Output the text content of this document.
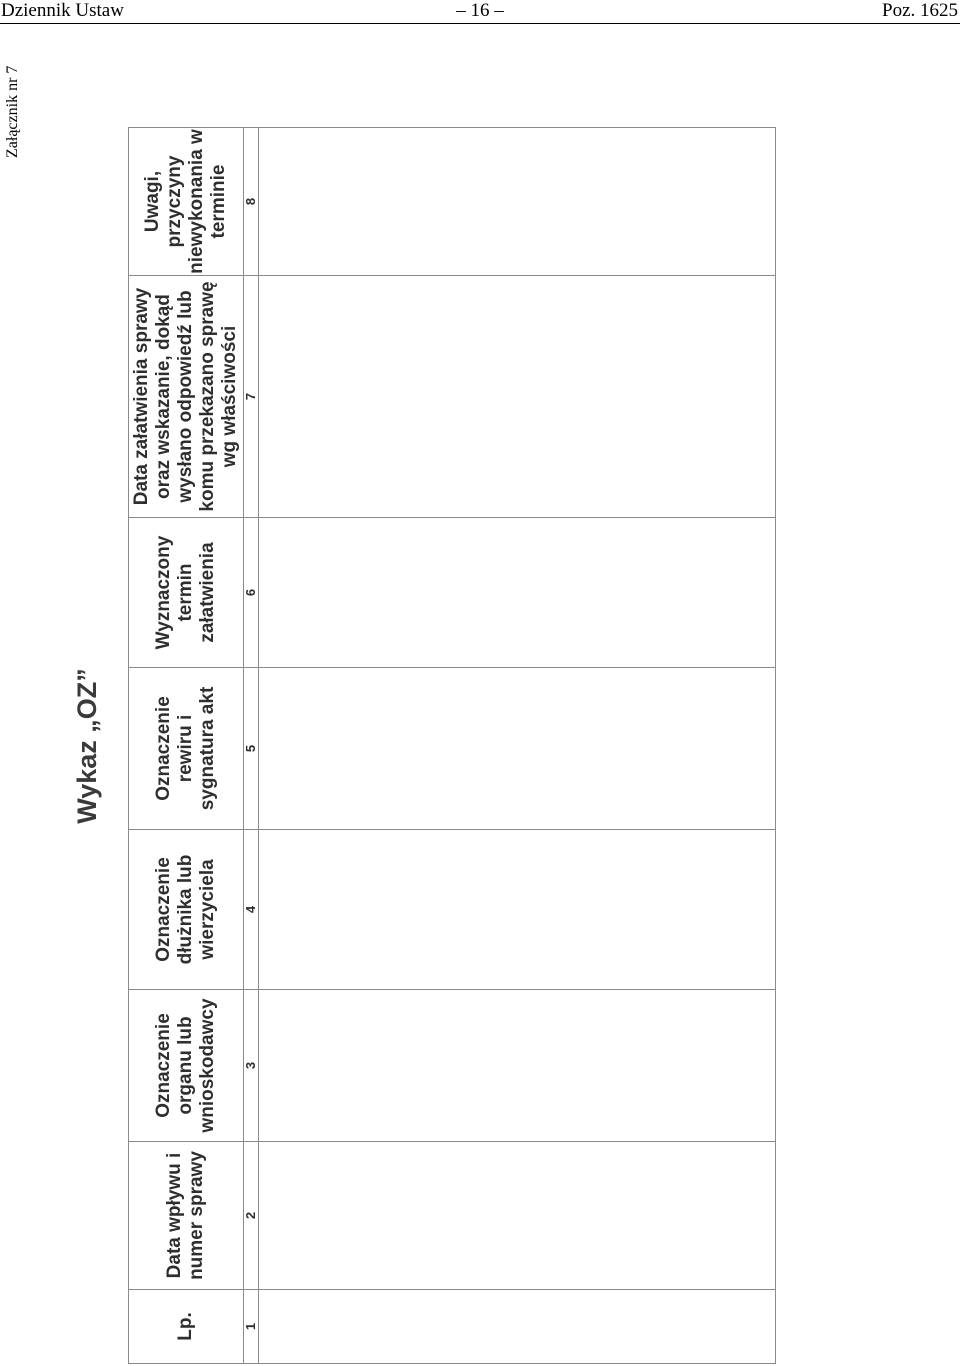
Dziennik Ustaw	– 16 –	Poz. 1625
Załącznik nr 7
Wykaz „OZ”
Lp.	Data wpływu i numer sprawy	Oznaczenie organu lub wnioskodawcy	Oznaczenie dłużnika lub wierzyciela	Oznaczenie rewiru i sygnatura akt	Wyznaczony termin załatwienia	Data załatwienia sprawy oraz wskazanie, dokąd wysłano odpowiedź lub komu przekazano sprawę wg właściwości	Uwagi, przyczyny niewykonania w terminie
1	2	3	4	5	6	7	8
